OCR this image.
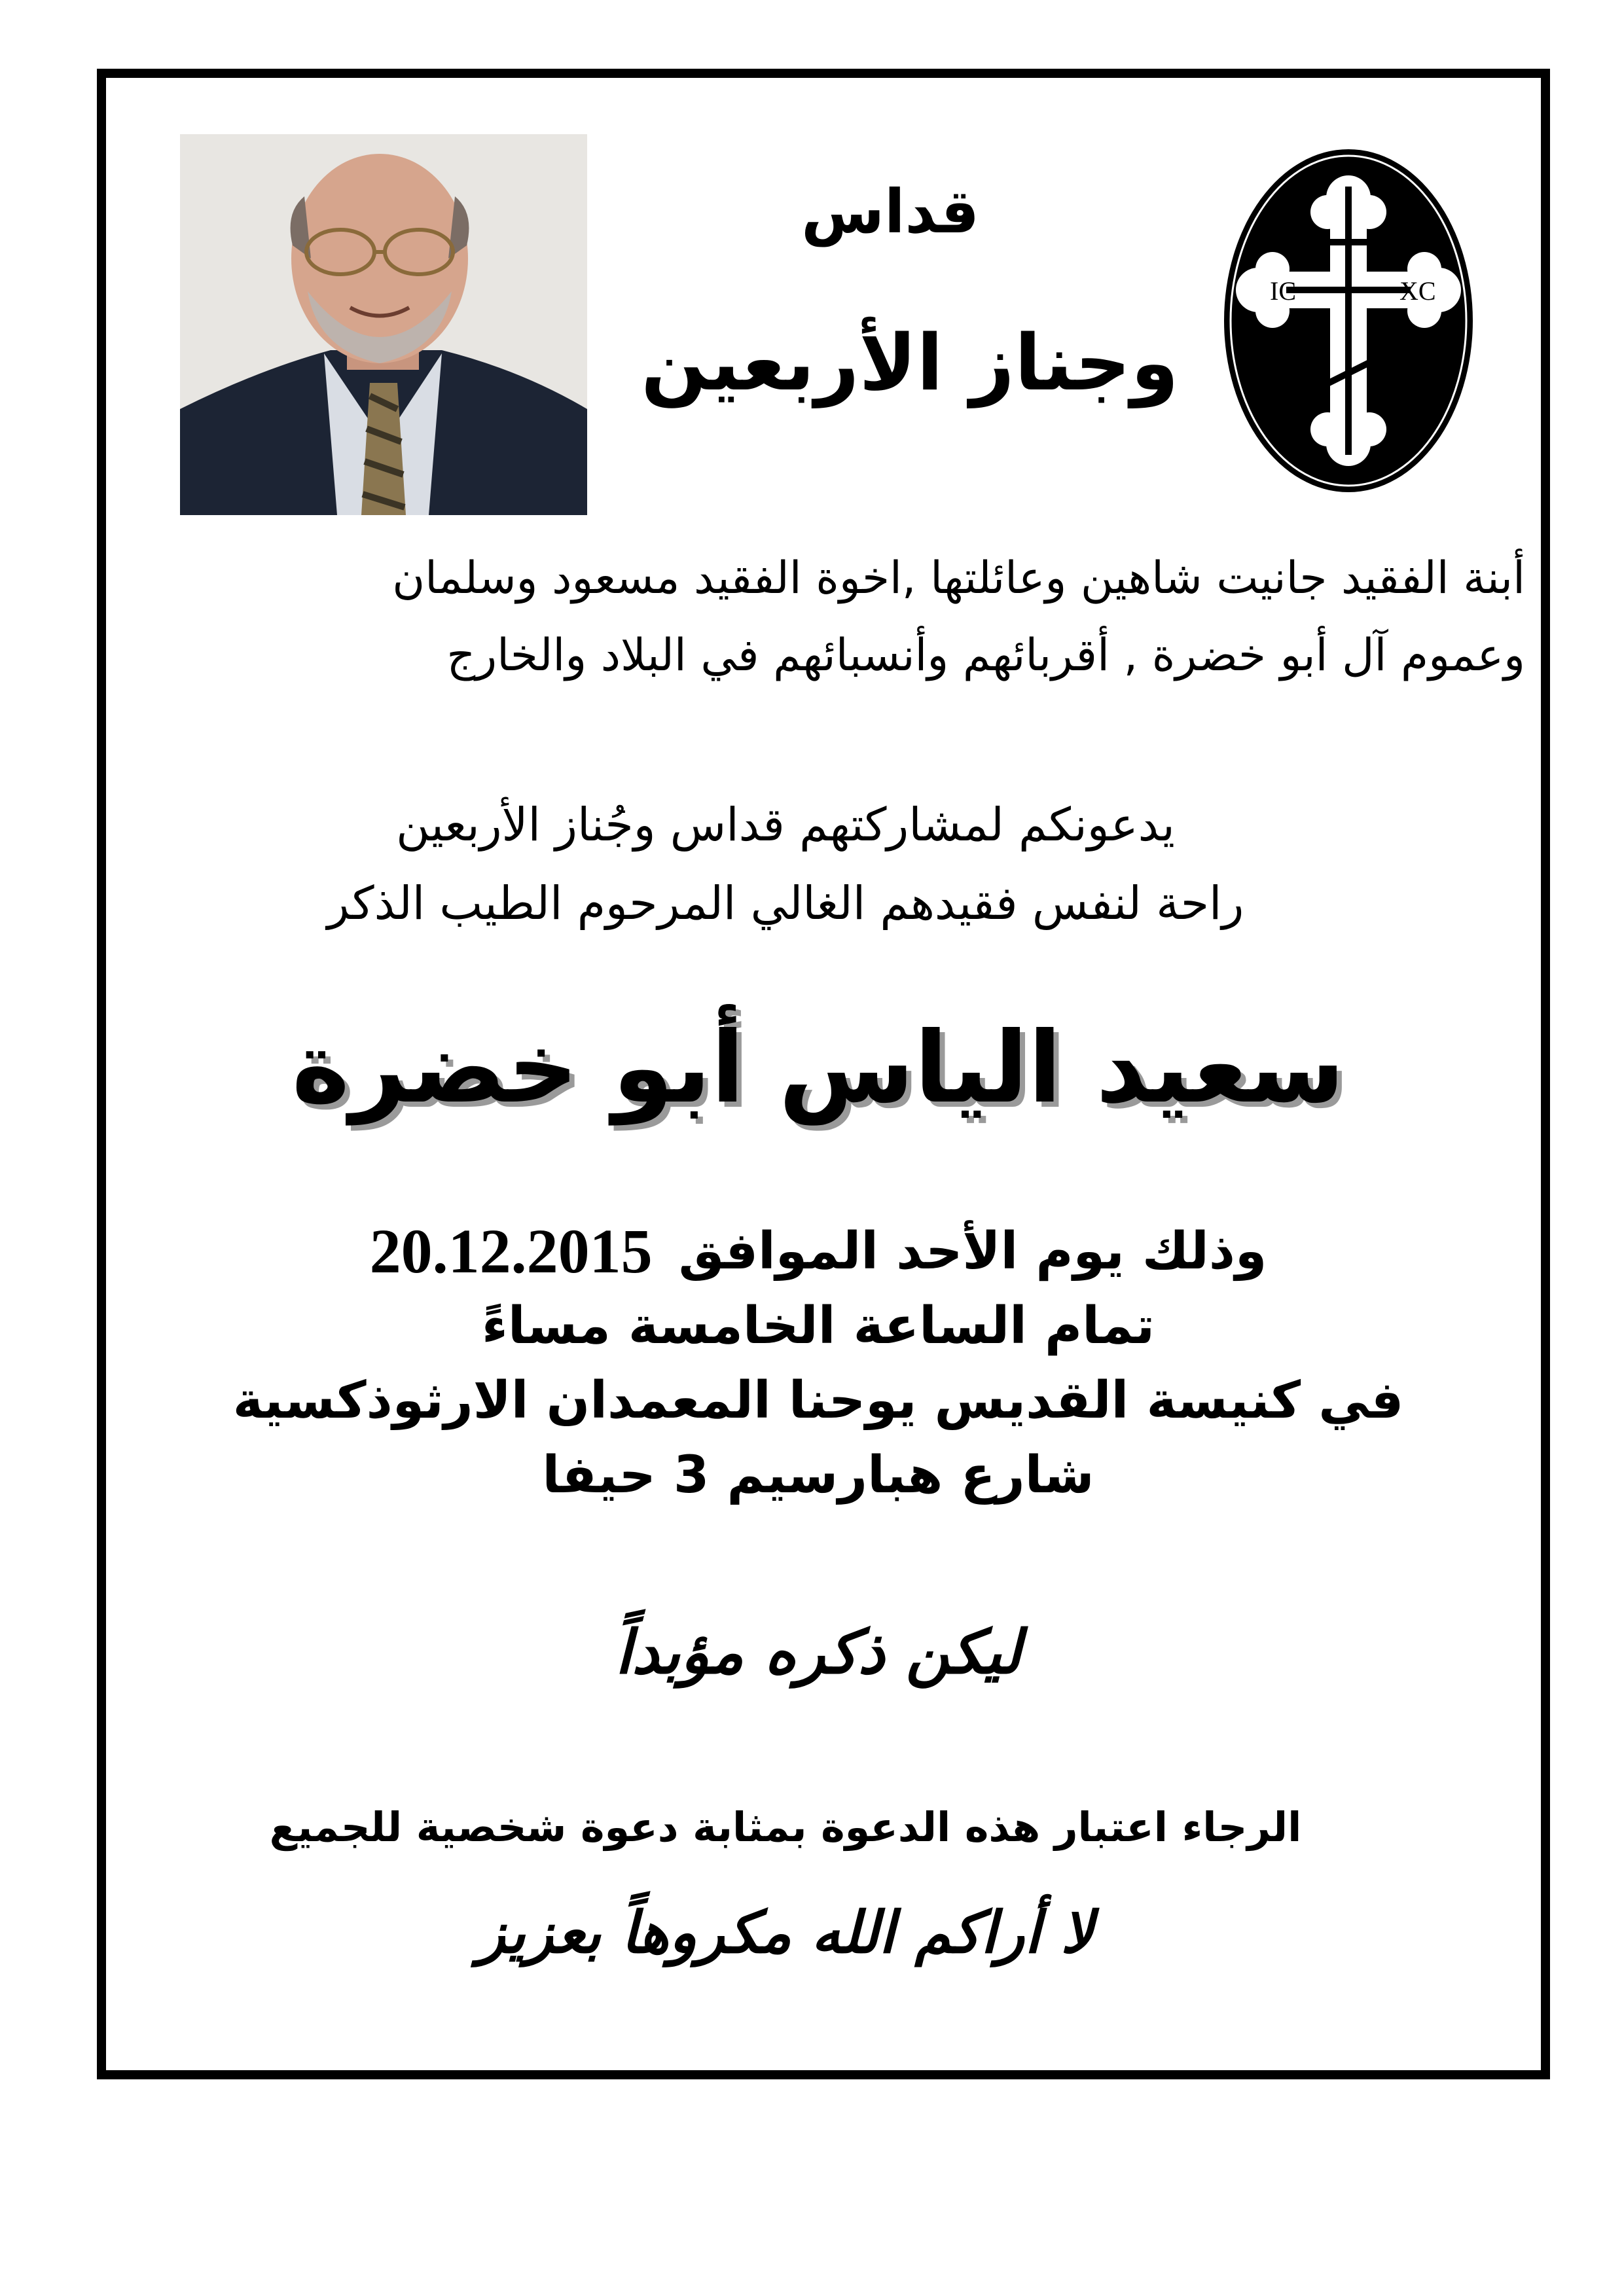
قداس
وجناز الأربعين
IC	XC
أبنة الفقيد جانيت شاهين وعائلتها ,اخوة الفقيد مسعود وسلمان
وعموم آل أبو خضرة , أقربائهم وأنسبائهم في البلاد والخارج
يدعونكم لمشاركتهم قداس وجُناز الأربعين
راحة لنفس فقيدهم الغالي المرحوم الطيب الذكر
سعيد الياس أبو خضرة
وذلك يوم الأحد الموافق
20.12.2015
تمام الساعة الخامسة مساءً
في كنيسة القديس يوحنا المعمدان الارثوذكسية
شارع هبارسيم 3 حيفا
ليكن ذكره مؤبداً
الرجاء اعتبار هذه الدعوة بمثابة دعوة شخصية للجميع
لا أراكم الله مكروهاً بعزيز
